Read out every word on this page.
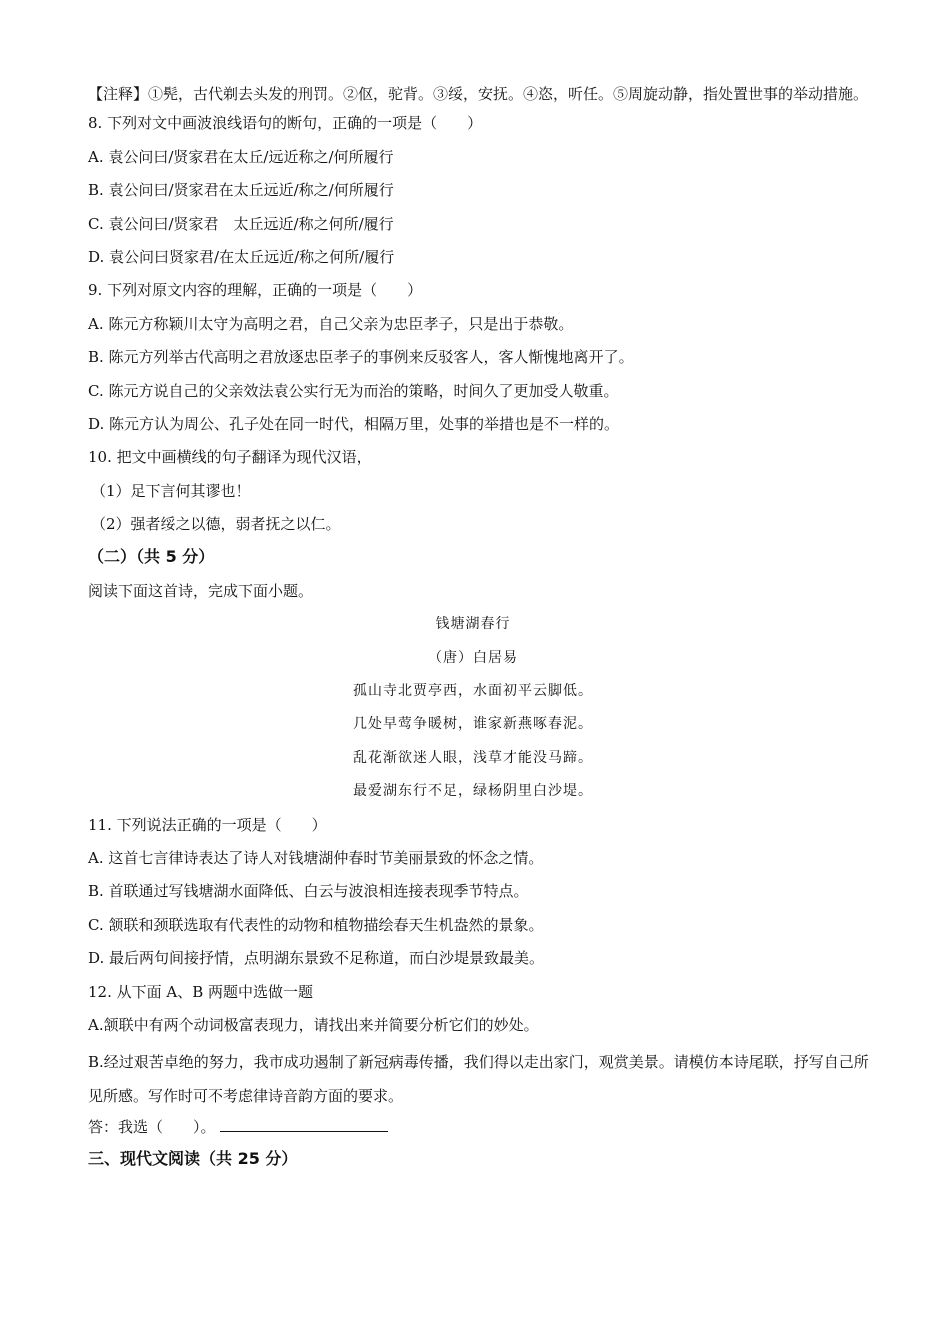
【注释】①髡，古代剃去头发的刑罚。②伛，驼背。③绥，安抚。④恣，听任。⑤周旋动静，指处置世事的举动措施。
8. 下列对文中画波浪线语句的断句，正确的一项是（　　）
A. 袁公问曰/贤家君在太丘/远近称之/何所履行
B. 袁公问曰/贤家君在太丘远近/称之/何所履行
C. 袁公问曰/贤家君　太丘远近/称之何所/履行
D. 袁公问曰贤家君/在太丘远近/称之何所/履行
9. 下列对原文内容的理解，正确的一项是（　　）
A. 陈元方称颖川太守为高明之君，自己父亲为忠臣孝子，只是出于恭敬。
B. 陈元方列举古代高明之君放逐忠臣孝子的事例来反驳客人，客人惭愧地离开了。
C. 陈元方说自己的父亲效法袁公实行无为而治的策略，时间久了更加受人敬重。
D. 陈元方认为周公、孔子处在同一时代，相隔万里，处事的举措也是不一样的。
10. 把文中画横线的句子翻译为现代汉语，
（1）足下言何其谬也！
（2）强者绥之以德，弱者抚之以仁。
（二）（共 5 分）
阅读下面这首诗，完成下面小题。
钱塘湖春行
（唐）白居易
孤山寺北贾亭西，水面初平云脚低。
几处早莺争暖树，谁家新燕啄春泥。
乱花渐欲迷人眼，浅草才能没马蹄。
最爱湖东行不足，绿杨阴里白沙堤。
11. 下列说法正确的一项是（　　）
A. 这首七言律诗表达了诗人对钱塘湖仲春时节美丽景致的怀念之情。
B. 首联通过写钱塘湖水面降低、白云与波浪相连接表现季节特点。
C. 颔联和颈联选取有代表性的动物和植物描绘春天生机盎然的景象。
D. 最后两句间接抒情，点明湖东景致不足称道，而白沙堤景致最美。
12. 从下面 A、B 两题中选做一题
A.颔联中有两个动词极富表现力，请找出来并简要分析它们的妙处。
B.经过艰苦卓绝的努力，我市成功遏制了新冠病毒传播，我们得以走出家门，观赏美景。请模仿本诗尾联，抒写自己所见所感。写作时可不考虑律诗音韵方面的要求。
答：我选（　　）。
三、现代文阅读（共 25 分）
